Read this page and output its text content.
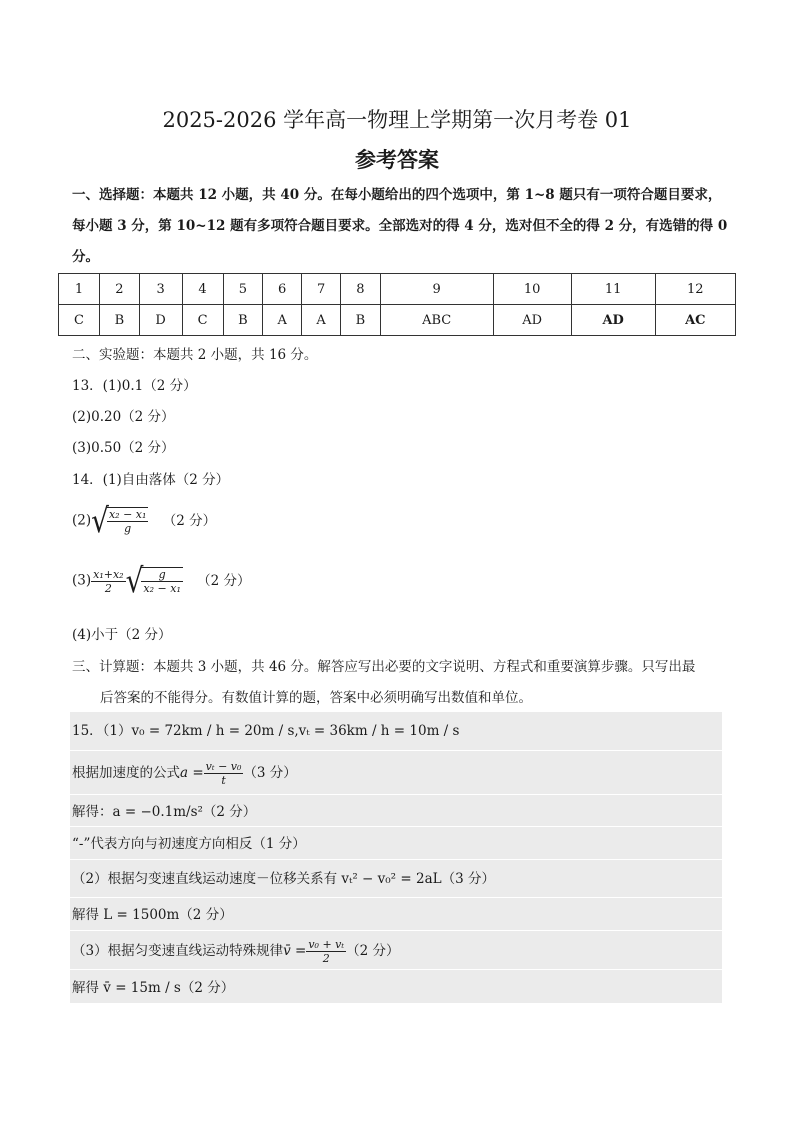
2025-2026 学年高一物理上学期第一次月考卷 01
参考答案
一、选择题：本题共 12 小题，共 40 分。在每小题给出的四个选项中，第 1~8 题只有一项符合题目要求，
每小题 3 分，第 10~12 题有多项符合题目要求。全部选对的得 4 分，选对但不全的得 2 分，有选错的得 0
分。
1	2	3	4	5	6	7	8	9	10	11	12
C	B	D	C	B	A	A	B	ABC	AD	AD	AC
二、实验题：本题共 2 小题，共 16 分。
13．(1)0.1（2 分）
(2)0.20（2 分）
(3)0.50（2 分）
14．(1)自由落体（2 分）
(2)√
$\frac{\text{x₂ − x₁}}{g} (2$ 分）
$(3) \frac{\text{x₁+x₂}}{2}$ √
$\frac{g}{\text{x₂ − x₁}} (2$ 分）
(4)小于（2 分）
三、计算题：本题共 3 小题，共 46 分。解答应写出必要的文字说明、方程式和重要演算步骤。只写出最
后答案的不能得分。有数值计算的题，答案中必须明确写出数值和单位。
15．（1）v₀ = 72km / h = 20m / s,vₜ = 36km / h = 10m / s
根据加速度的公式$a = \frac{\text{vₜ − v₀}}{t} (3$ 分）
解得：a = −0.1m/s²（2 分）
“-”代表方向与初速度方向相反（1 分）
（2）根据匀变速直线运动速度－位移关系有 vₜ² − v₀² = 2aL（3 分）
解得 L = 1500m（2 分）
（3）根据匀变速直线运动特殊规律v̄ = $\frac{\text{v₀ + vₜ}}{2} (2$ 分）
解得 v̄ = 15m / s（2 分）
